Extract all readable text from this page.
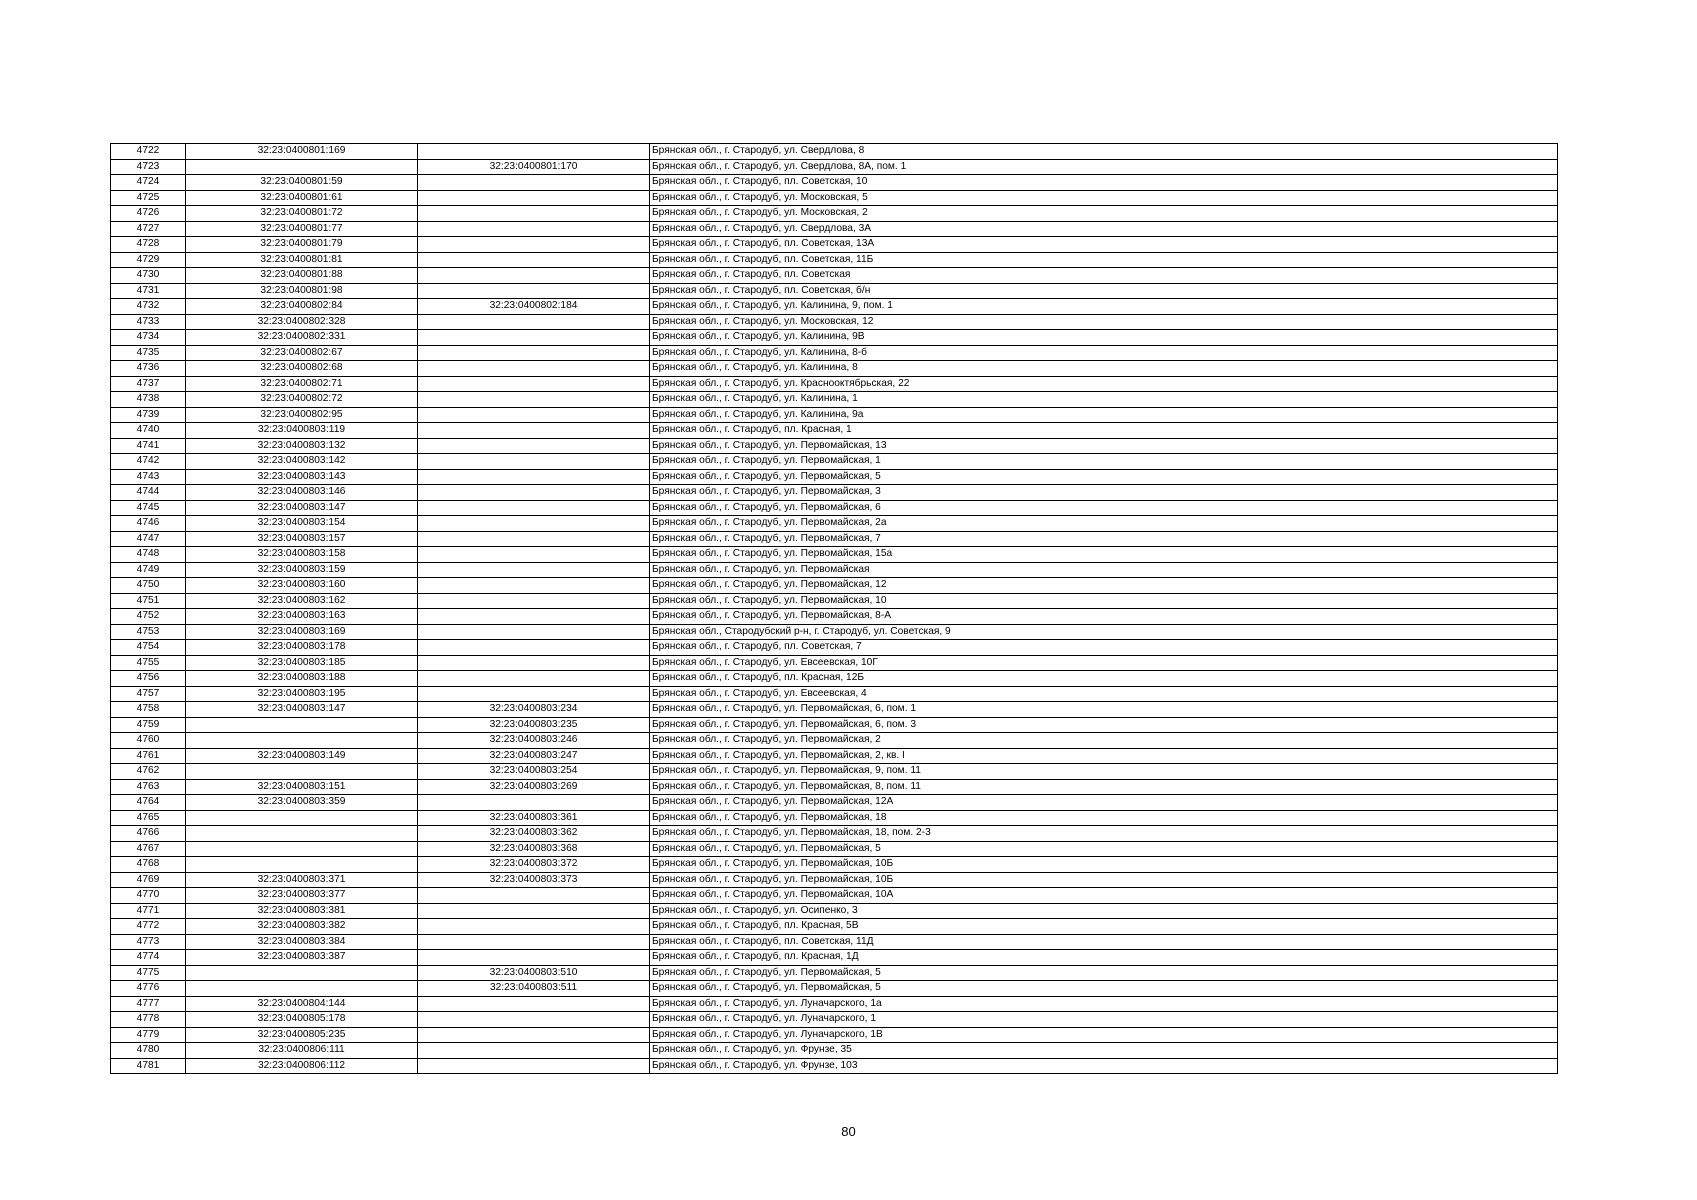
4722	32:23:0400801:169		Брянская обл., г. Стародуб, ул. Свердлова, 8
4723		32:23:0400801:170	Брянская обл., г. Стародуб, ул. Свердлова, 8А, пом. 1
4724	32:23:0400801:59		Брянская обл., г. Стародуб, пл. Советская, 10
4725	32:23:0400801:61		Брянская обл., г. Стародуб, ул. Московская, 5
4726	32:23:0400801:72		Брянская обл., г. Стародуб, ул. Московская, 2
4727	32:23:0400801:77		Брянская обл., г. Стародуб, ул. Свердлова, 3А
4728	32:23:0400801:79		Брянская обл., г. Стародуб, пл. Советская, 13А
4729	32:23:0400801:81		Брянская обл., г. Стародуб, пл. Советская, 11Б
4730	32:23:0400801:88		Брянская обл., г. Стародуб, пл. Советская
4731	32:23:0400801:98		Брянская обл., г. Стародуб, пл. Советская, б/н
4732	32:23:0400802:84	32:23:0400802:184	Брянская обл., г. Стародуб, ул. Калинина, 9, пом. 1
4733	32:23:0400802:328		Брянская обл., г. Стародуб, ул. Московская, 12
4734	32:23:0400802:331		Брянская обл., г. Стародуб, ул. Калинина, 9В
4735	32:23:0400802:67		Брянская обл., г. Стародуб, ул. Калинина, 8-б
4736	32:23:0400802:68		Брянская обл., г. Стародуб, ул. Калинина, 8
4737	32:23:0400802:71		Брянская обл., г. Стародуб, ул. Краснооктябрьская, 22
4738	32:23:0400802:72		Брянская обл., г. Стародуб, ул. Калинина, 1
4739	32:23:0400802:95		Брянская обл., г. Стародуб, ул. Калинина, 9а
4740	32:23:0400803:119		Брянская обл., г. Стародуб, пл. Красная, 1
4741	32:23:0400803:132		Брянская обл., г. Стародуб, ул. Первомайская, 13
4742	32:23:0400803:142		Брянская обл., г. Стародуб, ул. Первомайская, 1
4743	32:23:0400803:143		Брянская обл., г. Стародуб, ул. Первомайская, 5
4744	32:23:0400803:146		Брянская обл., г. Стародуб, ул. Первомайская, 3
4745	32:23:0400803:147		Брянская обл., г. Стародуб, ул. Первомайская, 6
4746	32:23:0400803:154		Брянская обл., г. Стародуб, ул. Первомайская, 2а
4747	32:23:0400803:157		Брянская обл., г. Стародуб, ул. Первомайская, 7
4748	32:23:0400803:158		Брянская обл., г. Стародуб, ул. Первомайская, 15а
4749	32:23:0400803:159		Брянская обл., г. Стародуб, ул. Первомайская
4750	32:23:0400803:160		Брянская обл., г. Стародуб, ул. Первомайская, 12
4751	32:23:0400803:162		Брянская обл., г. Стародуб, ул. Первомайская, 10
4752	32:23:0400803:163		Брянская обл., г. Стародуб, ул. Первомайская, 8-А
4753	32:23:0400803:169		Брянская обл., Стародубский р-н, г. Стародуб, ул. Советская, 9
4754	32:23:0400803:178		Брянская обл., г. Стародуб, пл. Советская, 7
4755	32:23:0400803:185		Брянская обл., г. Стародуб, ул. Евсеевская, 10Г
4756	32:23:0400803:188		Брянская обл., г. Стародуб, пл. Красная, 12Б
4757	32:23:0400803:195		Брянская обл., г. Стародуб, ул. Евсеевская, 4
4758	32:23:0400803:147	32:23:0400803:234	Брянская обл., г. Стародуб, ул. Первомайская, 6, пом. 1
4759		32:23:0400803:235	Брянская обл., г. Стародуб, ул. Первомайская, 6, пом. 3
4760		32:23:0400803:246	Брянская обл., г. Стародуб, ул. Первомайская, 2
4761	32:23:0400803:149	32:23:0400803:247	Брянская обл., г. Стародуб, ул. Первомайская, 2, кв. I
4762		32:23:0400803:254	Брянская обл., г. Стародуб, ул. Первомайская, 9, пом. 11
4763	32:23:0400803:151	32:23:0400803:269	Брянская обл., г. Стародуб, ул. Первомайская, 8, пом. 11
4764	32:23:0400803:359		Брянская обл., г. Стародуб, ул. Первомайская, 12А
4765		32:23:0400803:361	Брянская обл., г. Стародуб, ул. Первомайская, 18
4766		32:23:0400803:362	Брянская обл., г. Стародуб, ул. Первомайская, 18, пом. 2-3
4767		32:23:0400803:368	Брянская обл., г. Стародуб, ул. Первомайская, 5
4768		32:23:0400803:372	Брянская обл., г. Стародуб, ул. Первомайская, 10Б
4769	32:23:0400803:371	32:23:0400803:373	Брянская обл., г. Стародуб, ул. Первомайская, 10Б
4770	32:23:0400803:377		Брянская обл., г. Стародуб, ул. Первомайская, 10А
4771	32:23:0400803:381		Брянская обл., г. Стародуб, ул. Осипенко, 3
4772	32:23:0400803:382		Брянская обл., г. Стародуб, пл. Красная, 5В
4773	32:23:0400803:384		Брянская обл., г. Стародуб, пл. Советская, 11Д
4774	32:23:0400803:387		Брянская обл., г. Стародуб, пл. Красная, 1Д
4775		32:23:0400803:510	Брянская обл., г. Стародуб, ул. Первомайская, 5
4776		32:23:0400803:511	Брянская обл., г. Стародуб, ул. Первомайская, 5
4777	32:23:0400804:144		Брянская обл., г. Стародуб, ул. Луначарского, 1а
4778	32:23:0400805:178		Брянская обл., г. Стародуб, ул. Луначарского, 1
4779	32:23:0400805:235		Брянская обл., г. Стародуб, ул. Луначарского, 1В
4780	32:23:0400806:111		Брянская обл., г. Стародуб, ул. Фрунзе, 35
4781	32:23:0400806:112		Брянская обл., г. Стародуб, ул. Фрунзе, 103
80
